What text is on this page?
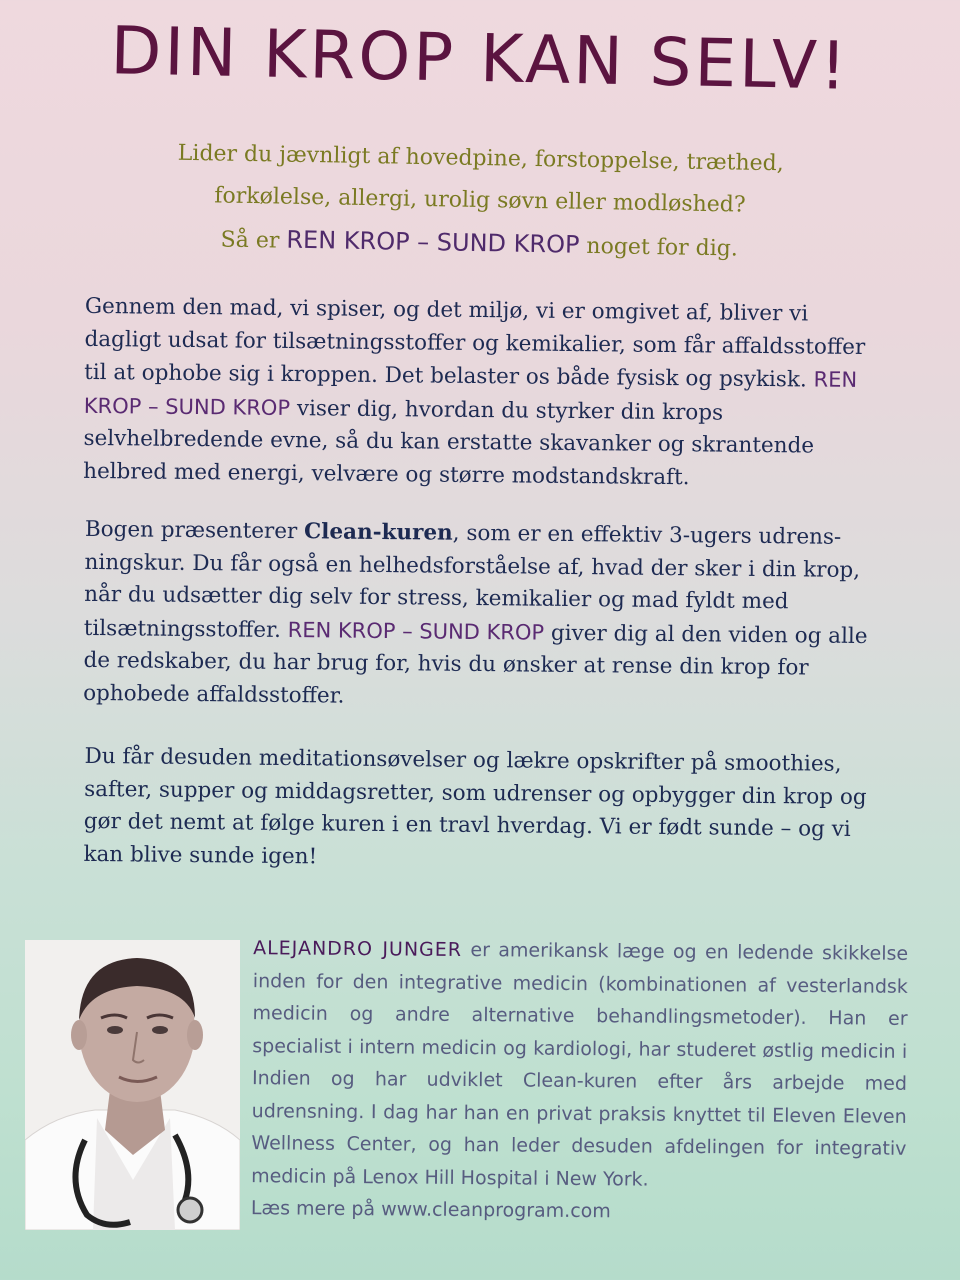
DIN KROP KAN SELV!
Lider du jævnligt af hovedpine, forstoppelse, træthed,
forkølelse, allergi, urolig søvn eller modløshed?
Så er REN KROP – SUND KROP noget for dig.

Gennem den mad, vi spiser, og det miljø, vi er omgivet af, bliver vi dagligt udsat for tilsætningsstoffer og kemikalier, som får affaldsstoffer til at ophobe sig i kroppen. Det belaster os både fysisk og psykisk. REN KROP – SUND KROP viser dig, hvordan du styrker din krops selvhelbredende evne, så du kan erstatte skavanker og skrantende helbred med energi, velvære og større modstandskraft.

Bogen præsenterer Clean-kuren, som er en effektiv 3-ugers udrens-ningskur. Du får også en helhedsforståelse af, hvad der sker i din krop, når du udsætter dig selv for stress, kemikalier og mad fyldt med tilsætningsstoffer. REN KROP – SUND KROP giver dig al den viden og alle de redskaber, du har brug for, hvis du ønsker at rense din krop for ophobede affaldsstoffer.

Du får desuden meditationsøvelser og lækre opskrifter på smoothies, safter, supper og middagsretter, som udrenser og opbygger din krop og gør det nemt at følge kuren i en travl hverdag. Vi er født sunde – og vi kan blive sunde igen!

ALEJANDRO JUNGER er amerikansk læge og en ledende skikkelse inden for den integrative medicin (kombinationen af vesterlandsk medicin og andre alternative behandlingsmetoder). Han er specialist i intern medicin og kardiologi, har studeret østlig medicin i Indien og har udviklet Clean-kuren efter års arbejde med udrensning. I dag har han en privat praksis knyttet til Eleven Eleven Wellness Center, og han leder desuden afdelingen for integrativ medicin på Lenox Hill Hospital i New York.
Læs mere på www.cleanprogram.com
